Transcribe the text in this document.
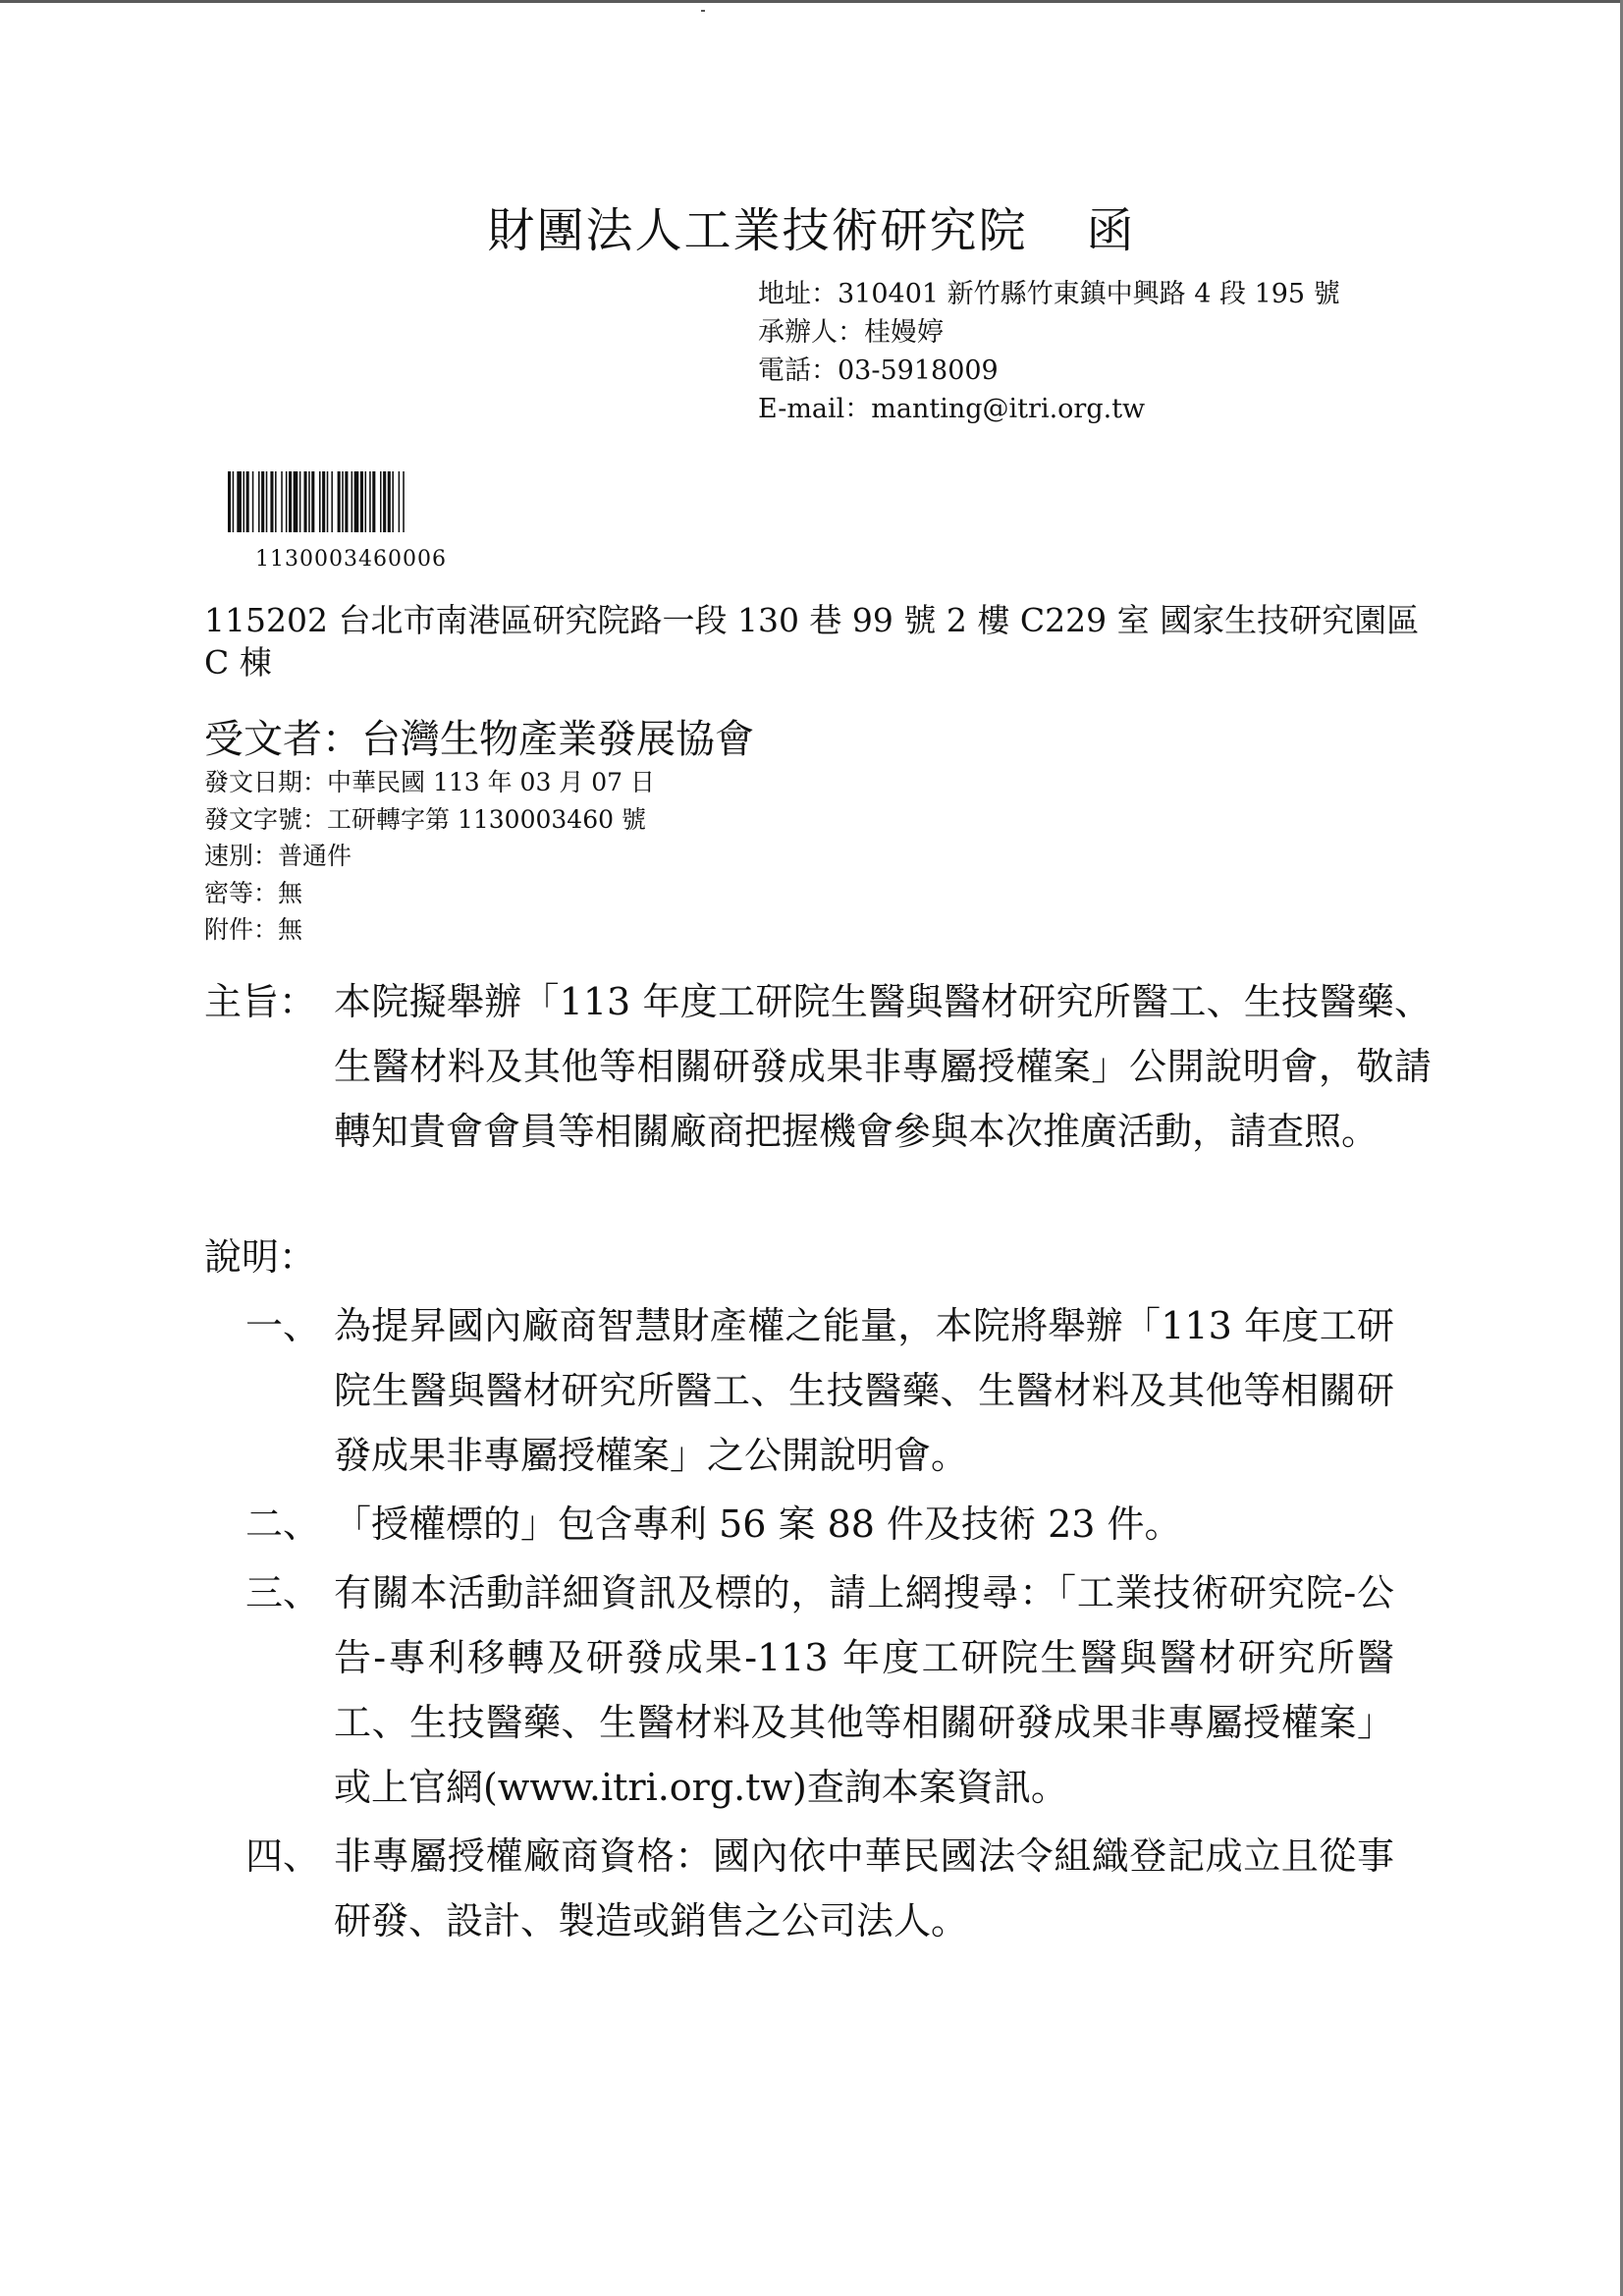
財團法人工業技術研究院 函
地址：310401 新竹縣竹東鎮中興路 4 段 195 號
承辦人：桂嫚婷
電話：03-5918009
E-mail：manting@itri.org.tw
1130003460006
115202 台北市南港區研究院路一段 130 巷 99 號 2 樓 C229 室 國家生技研究園區 C 棟
受文者：台灣生物產業發展協會
發文日期：中華民國 113 年 03 月 07 日
發文字號：工研轉字第 1130003460 號
速別：普通件
密等：無
附件：無
主旨： 本院擬舉辦「113 年度工研院生醫與醫材研究所醫工、生技醫藥、生醫材料及其他等相關研發成果非專屬授權案」公開說明會，敬請轉知貴會會員等相關廠商把握機會參與本次推廣活動，請查照。
說明：
一、 為提昇國內廠商智慧財產權之能量，本院將舉辦「113 年度工研院生醫與醫材研究所醫工、生技醫藥、生醫材料及其他等相關研發成果非專屬授權案」之公開說明會。
二、 「授權標的」包含專利 56 案 88 件及技術 23 件。
三、 有關本活動詳細資訊及標的，請上網搜尋：「工業技術研究院-公告-專利移轉及研發成果-113 年度工研院生醫與醫材研究所醫工、生技醫藥、生醫材料及其他等相關研發成果非專屬授權案」或上官網(www.itri.org.tw)查詢本案資訊。
四、 非專屬授權廠商資格：國內依中華民國法令組織登記成立且從事研發、設計、製造或銷售之公司法人。
